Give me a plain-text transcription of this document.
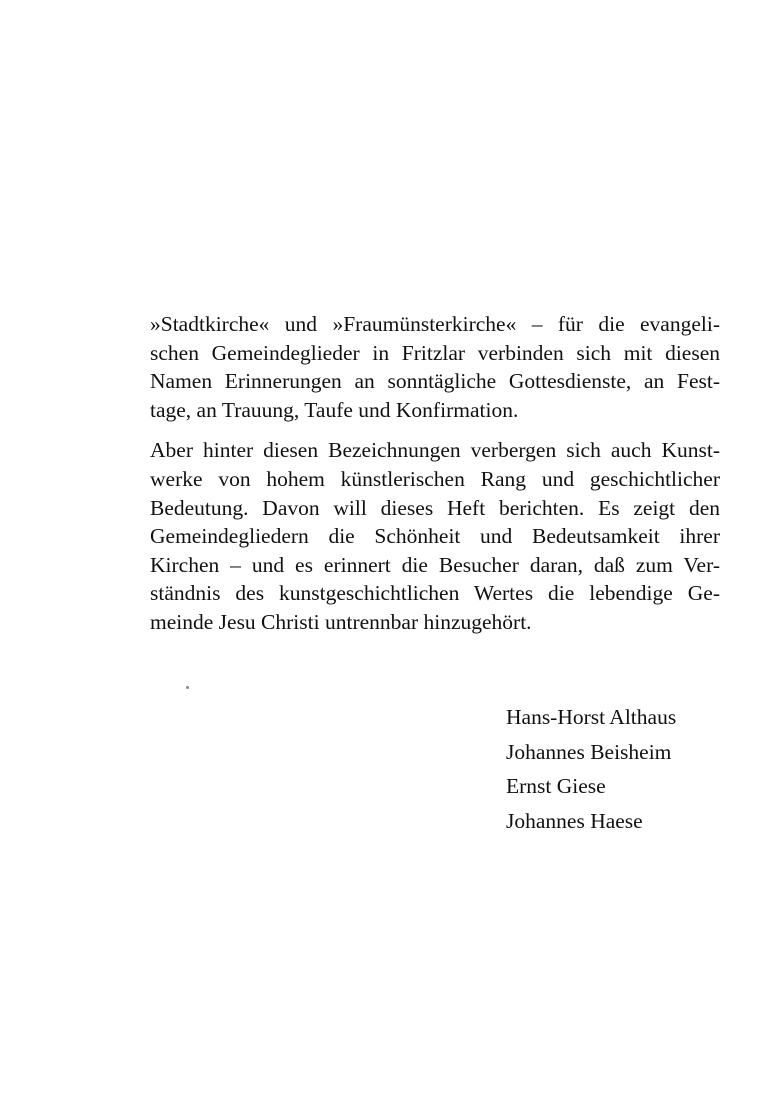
»Stadtkirche« und »Fraumünsterkirche« – für die evangeli-
schen Gemeindeglieder in Fritzlar verbinden sich mit diesen
Namen Erinnerungen an sonntägliche Gottesdienste, an Fest-
tage, an Trauung, Taufe und Konfirmation.

Aber hinter diesen Bezeichnungen verbergen sich auch Kunst-
werke von hohem künstlerischen Rang und geschichtlicher
Bedeutung. Davon will dieses Heft berichten. Es zeigt den
Gemeindegliedern die Schönheit und Bedeutsamkeit ihrer
Kirchen – und es erinnert die Besucher daran, daß zum Ver-
ständnis des kunstgeschichtlichen Wertes die lebendige Ge-
meinde Jesu Christi untrennbar hinzugehört.

Hans-Horst Althaus
Johannes Beisheim
Ernst Giese
Johannes Haese
